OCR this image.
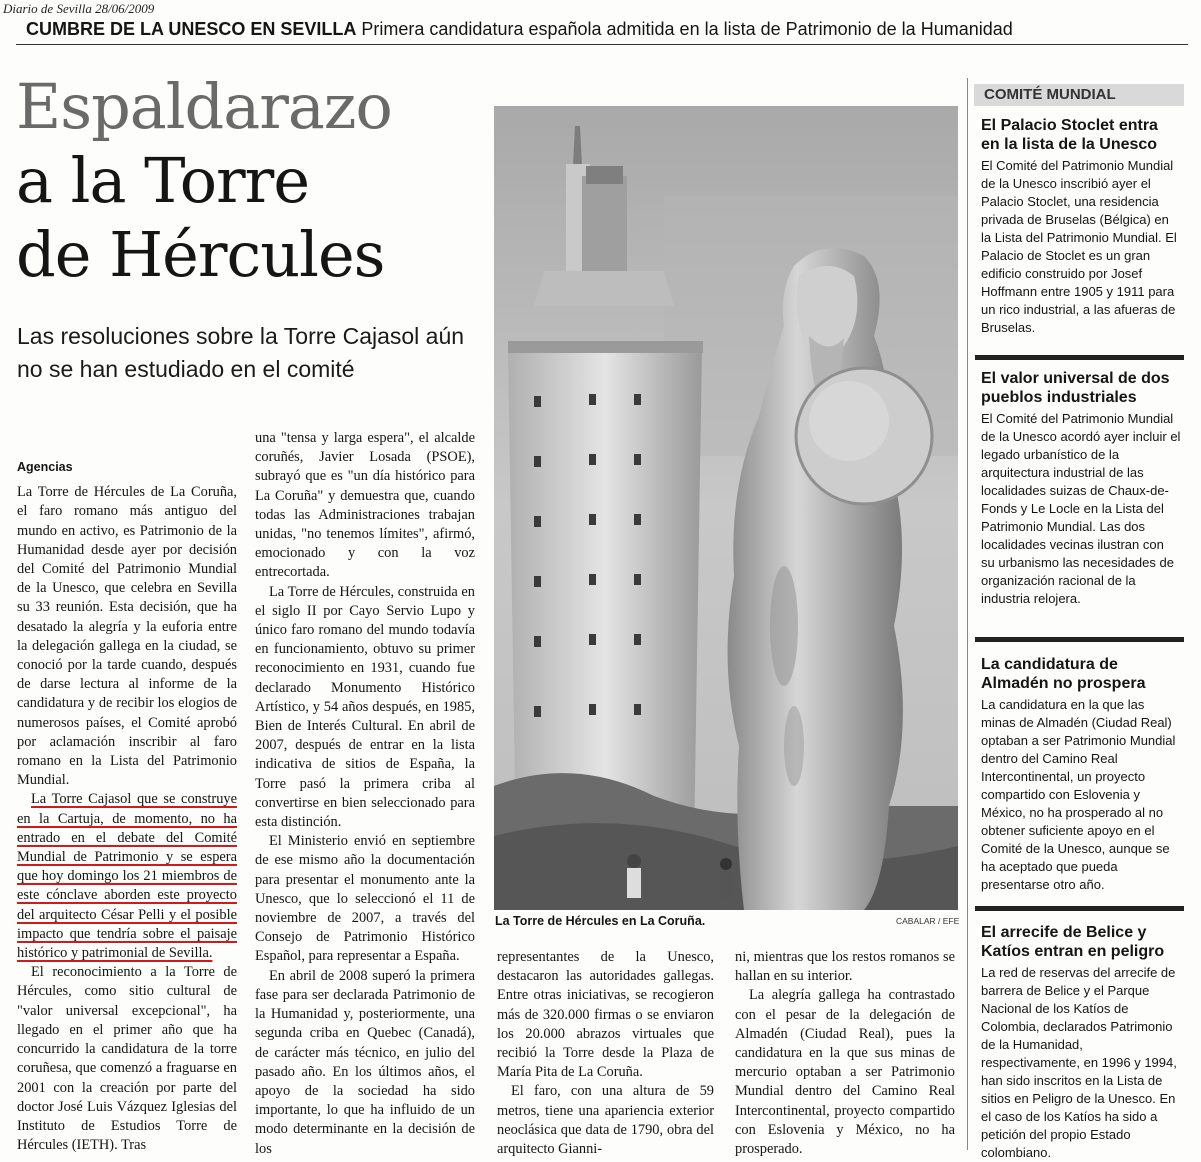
Diario de Sevilla 28/06/2009
CUMBRE DE LA UNESCO EN SEVILLA Primera candidatura española admitida en la lista de Patrimonio de la Humanidad
Espaldarazo
a la Torre
de Hércules
Las resoluciones sobre la Torre Cajasol aún no se han estudiado en el comité
Agencias

La Torre de Hércules de La Coruña, el faro romano más antiguo del mundo en activo, es Patrimonio de la Humanidad desde ayer por decisión del Comité del Patrimonio Mundial de la Unesco, que celebra en Sevilla su 33 reunión. Esta decisión, que ha desatado la alegría y la euforia entre la delegación gallega en la ciudad, se conoció por la tarde cuando, después de darse lectura al informe de la candidatura y de recibir los elogios de numerosos países, el Comité aprobó por aclamación inscribir al faro romano en la Lista del Patrimonio Mundial.

La Torre Cajasol que se construye en la Cartuja, de momento, no ha entrado en el debate del Comité Mundial de Patrimonio y se espera que hoy domingo los 21 miembros de este cónclave aborden este proyecto del arquitecto César Pelli y el posible impacto que tendría sobre el paisaje histórico y patrimonial de Sevilla.

El reconocimiento a la Torre de Hércules, como sitio cultural de "valor universal excepcional", ha llegado en el primer año que ha concurrido la candidatura de la torre coruñesa, que comenzó a fraguarse en 2001 con la creación por parte del doctor José Luis Vázquez Iglesias del Instituto de Estudios Torre de Hércules (IETH). Tras

una "tensa y larga espera", el alcalde coruñés, Javier Losada (PSOE), subrayó que es "un día histórico para La Coruña" y demuestra que, cuando todas las Administraciones trabajan unidas, "no tenemos límites", afirmó, emocionado y con la voz entrecortada.

La Torre de Hércules, construida en el siglo II por Cayo Servio Lupo y único faro romano del mundo todavía en funcionamiento, obtuvo su primer reconocimiento en 1931, cuando fue declarado Monumento Histórico Artístico, y 54 años después, en 1985, Bien de Interés Cultural. En abril de 2007, después de entrar en la lista indicativa de sitios de España, la Torre pasó la primera criba al convertirse en bien seleccionado para esta distinción.

El Ministerio envió en septiembre de ese mismo año la documentación para presentar el monumento ante la Unesco, que lo seleccionó el 11 de noviembre de 2007, a través del Consejo de Patrimonio Histórico Español, para representar a España.

En abril de 2008 superó la primera fase para ser declarada Patrimonio de la Humanidad y, posteriormente, una segunda criba en Quebec (Canadá), de carácter más técnico, en julio del pasado año. En los últimos años, el apoyo de la sociedad ha sido importante, lo que ha influido de un modo determinante en la decisión de los

La Torre de Hércules en La Coruña.	CABALAR / EFE

representantes de la Unesco, destacaron las autoridades gallegas. Entre otras iniciativas, se recogieron más de 320.000 firmas o se enviaron los 20.000 abrazos virtuales que recibió la Torre desde la Plaza de María Pita de La Coruña.

El faro, con una altura de 59 metros, tiene una apariencia exterior neoclásica que data de 1790, obra del arquitecto Gianni-

ni, mientras que los restos romanos se hallan en su interior.

La alegría gallega ha contrastado con el pesar de la delegación de Almadén (Ciudad Real), pues la candidatura en la que sus minas de mercurio optaban a ser Patrimonio Mundial dentro del Camino Real Intercontinental, proyecto compartido con Eslovenia y México, no ha prosperado.

COMITÉ MUNDIAL
El Palacio Stoclet entra en la lista de la Unesco

El Comité del Patrimonio Mundial de la Unesco inscribió ayer el Palacio Stoclet, una residencia privada de Bruselas (Bélgica) en la Lista del Patrimonio Mundial. El Palacio de Stoclet es un gran edificio construido por Josef Hoffmann entre 1905 y 1911 para un rico industrial, a las afueras de Bruselas.

El valor universal de dos pueblos industriales

El Comité del Patrimonio Mundial de la Unesco acordó ayer incluir el legado urbanístico de la arquitectura industrial de las localidades suizas de Chaux-de-Fonds y Le Locle en la Lista del Patrimonio Mundial. Las dos localidades vecinas ilustran con su urbanismo las necesidades de organización racional de la industria relojera.

La candidatura de Almadén no prospera

La candidatura en la que las minas de Almadén (Ciudad Real) optaban a ser Patrimonio Mundial dentro del Camino Real Intercontinental, un proyecto compartido con Eslovenia y México, no ha prosperado al no obtener suficiente apoyo en el Comité de la Unesco, aunque se ha aceptado que pueda presentarse otro año.

El arrecife de Belice y Katíos entran en peligro

La red de reservas del arrecife de barrera de Belice y el Parque Nacional de los Katíos de Colombia, declarados Patrimonio de la Humanidad, respectivamente, en 1996 y 1994, han sido inscritos en la Lista de sitios en Peligro de la Unesco. En el caso de los Katíos ha sido a petición del propio Estado colombiano.
